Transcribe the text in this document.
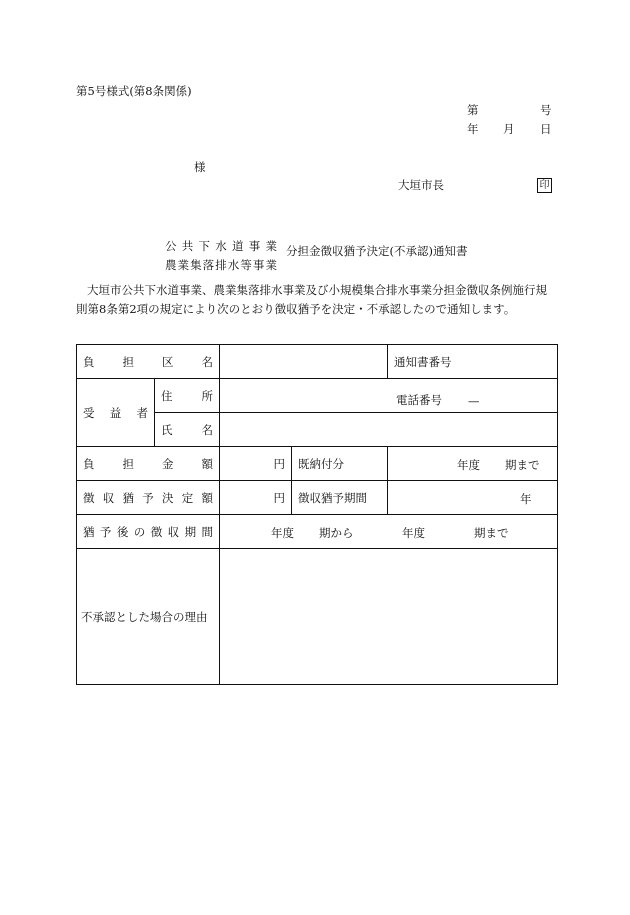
第5号様式(第8条関係)
第	号
年 月 日
様
大垣市長	印
公共下水道事業
農業集落排水等事業
分担金徴収猶予決定(不承認)通知書
大垣市公共下水道事業、農業集落排水事業及び小規模集合排水事業分担金徴収条例施行規則第8条第2項の規定により次のとおり徴収猶予を決定・不承認したので通知します。
負担区名				通知書番号
受益者	住所	電話番号 —		

	氏名			
負担金額		円	既納付分	年度 期まで

徴収猶予決定額		円	徴収猶予期間	年

猶予後の徴収期間		年度 期から 年度 期まで		

不承認とした場合の理由				
